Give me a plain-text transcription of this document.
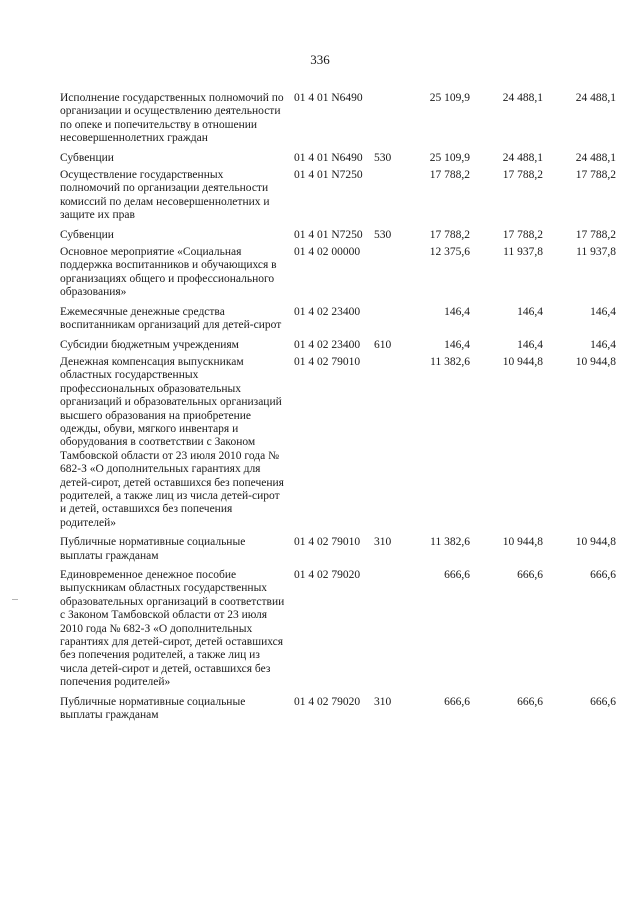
336
Исполнение государственных полномочий по организации и осуществлению деятельности по опеке и попечительству в отношении несовершеннолетних граждан
01 4 01 N6490	25 109,9	24 488,1	24 488,1
Субвенции	01 4 01 N6490 530	25 109,9	24 488,1	24 488,1
Осуществление государственных полномочий по организации деятельности комиссий по делам несовершеннолетних и защите их прав
01 4 01 N7250	17 788,2	17 788,2	17 788,2
Субвенции	01 4 01 N7250 530	17 788,2	17 788,2	17 788,2
Основное мероприятие «Социальная поддержка воспитанников и обучающихся в организациях общего и профессионального образования»
01 4 02 00000	12 375,6	11 937,8	11 937,8
Ежемесячные денежные средства воспитанникам организаций для детей-сирот
01 4 02 23400	146,4	146,4	146,4
Субсидии бюджетным учреждениям	01 4 02 23400	610	146,4	146,4	146,4
Денежная компенсация выпускникам областных государственных профессиональных образовательных организаций и образовательных организаций высшего образования на приобретение одежды, обуви, мягкого инвентаря и оборудования в соответствии с Законом Тамбовской области от 23 июля 2010 года № 682-З «О дополнительных гарантиях для детей-сирот, детей оставшихся без попечения родителей, а также лиц из числа детей-сирот и детей, оставшихся без попечения родителей»
01 4 02 79010	11 382,6	10 944,8	10 944,8
Публичные нормативные социальные выплаты гражданам
01 4 02 79010	310	11 382,6	10 944,8	10 944,8
Единовременное денежное пособие выпускникам областных государственных образовательных организаций в соответствии с Законом Тамбовской области от 23 июля 2010 года № 682-З «О дополнительных гарантиях для детей-сирот, детей оставшихся без попечения родителей, а также лиц из числа детей-сирот и детей, оставшихся без попечения родителей»
01 4 02 79020	666,6	666,6	666,6
Публичные нормативные социальные выплаты гражданам
01 4 02 79020	310	666,6	666,6	666,6
